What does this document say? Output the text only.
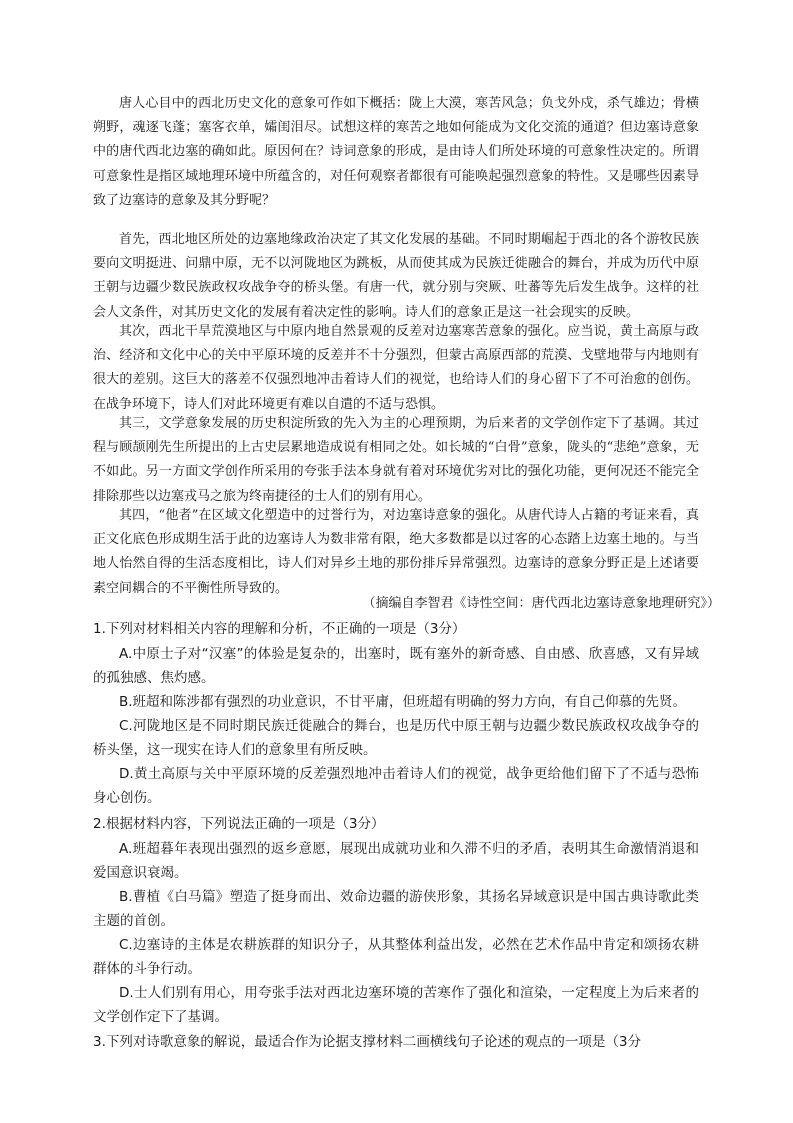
唐人心目中的西北历史文化的意象可作如下概括：陇上大漠，寒苦风急；负戈外戍，杀气雄边；骨横朔野，魂逐飞蓬；塞客衣单，孀闺泪尽。试想这样的寒苦之地如何能成为文化交流的通道？但边塞诗意象中的唐代西北边塞的确如此。原因何在？诗词意象的形成，是由诗人们所处环境的可意象性决定的。所谓可意象性是指区域地理环境中所蕴含的，对任何观察者都很有可能唤起强烈意象的特性。又是哪些因素导致了边塞诗的意象及其分野呢？

首先，西北地区所处的边塞地缘政治决定了其文化发展的基础。不同时期崛起于西北的各个游牧民族要向文明挺进、问鼎中原，无不以河陇地区为跳板，从而使其成为民族迁徙融合的舞台，并成为历代中原王朝与边疆少数民族政权攻战争夺的桥头堡。有唐一代，就分别与突厥、吐蕃等先后发生战争。这样的社会人文条件，对其历史文化的发展有着决定性的影响。诗人们的意象正是这一社会现实的反映。

其次，西北干旱荒漠地区与中原内地自然景观的反差对边塞寒苦意象的强化。应当说，黄土高原与政治、经济和文化中心的关中平原环境的反差并不十分强烈，但蒙古高原西部的荒漠、戈壁地带与内地则有很大的差别。这巨大的落差不仅强烈地冲击着诗人们的视觉，也给诗人们的身心留下了不可治愈的创伤。在战争环境下，诗人们对此环境更有难以自遣的不适与恐惧。

其三，文学意象发展的历史积淀所致的先入为主的心理预期，为后来者的文学创作定下了基调。其过程与顾颉刚先生所提出的上古史层累地造成说有相同之处。如长城的“白骨”意象，陇头的“悲绝”意象，无不如此。另一方面文学创作所采用的夸张手法本身就有着对环境优劣对比的强化功能，更何况还不能完全排除那些以边塞戎马之旅为终南捷径的士人们的别有用心。

其四，“他者”在区域文化塑造中的过誉行为，对边塞诗意象的强化。从唐代诗人占籍的考证来看，真正文化底色形成期生活于此的边塞诗人为数非常有限，绝大多数都是以过客的心态踏上边塞土地的。与当地人怡然自得的生活态度相比，诗人们对异乡土地的那份排斥异常强烈。边塞诗的意象分野正是上述诸要素空间耦合的不平衡性所导致的。

（摘编自李智君《诗性空间：唐代西北边塞诗意象地理研究》）

1.下列对材料相关内容的理解和分析，不正确的一项是（3分）

A.中原士子对“汉塞”的体验是复杂的，出塞时，既有塞外的新奇感、自由感、欣喜感，又有异域的孤独感、焦灼感。

B.班超和陈涉都有强烈的功业意识，不甘平庸，但班超有明确的努力方向，有自己仰慕的先贤。

C.河陇地区是不同时期民族迁徙融合的舞台，也是历代中原王朝与边疆少数民族政权攻战争夺的桥头堡，这一现实在诗人们的意象里有所反映。

D.黄土高原与关中平原环境的反差强烈地冲击着诗人们的视觉，战争更给他们留下了不适与恐怖身心创伤。

2.根据材料内容，下列说法正确的一项是（3分）

A.班超暮年表现出强烈的返乡意愿，展现出成就功业和久滞不归的矛盾，表明其生命激情消退和爱国意识衰竭。

B.曹植《白马篇》塑造了挺身而出、效命边疆的游侠形象，其扬名异域意识是中国古典诗歌此类主题的首创。

C.边塞诗的主体是农耕族群的知识分子，从其整体利益出发，必然在艺术作品中肯定和颂扬农耕群体的斗争行动。

D.士人们别有用心，用夸张手法对西北边塞环境的苦寒作了强化和渲染，一定程度上为后来者的文学创作定下了基调。

3.下列对诗歌意象的解说，最适合作为论据支撑材料二画横线句子论述的观点的一项是（3分
